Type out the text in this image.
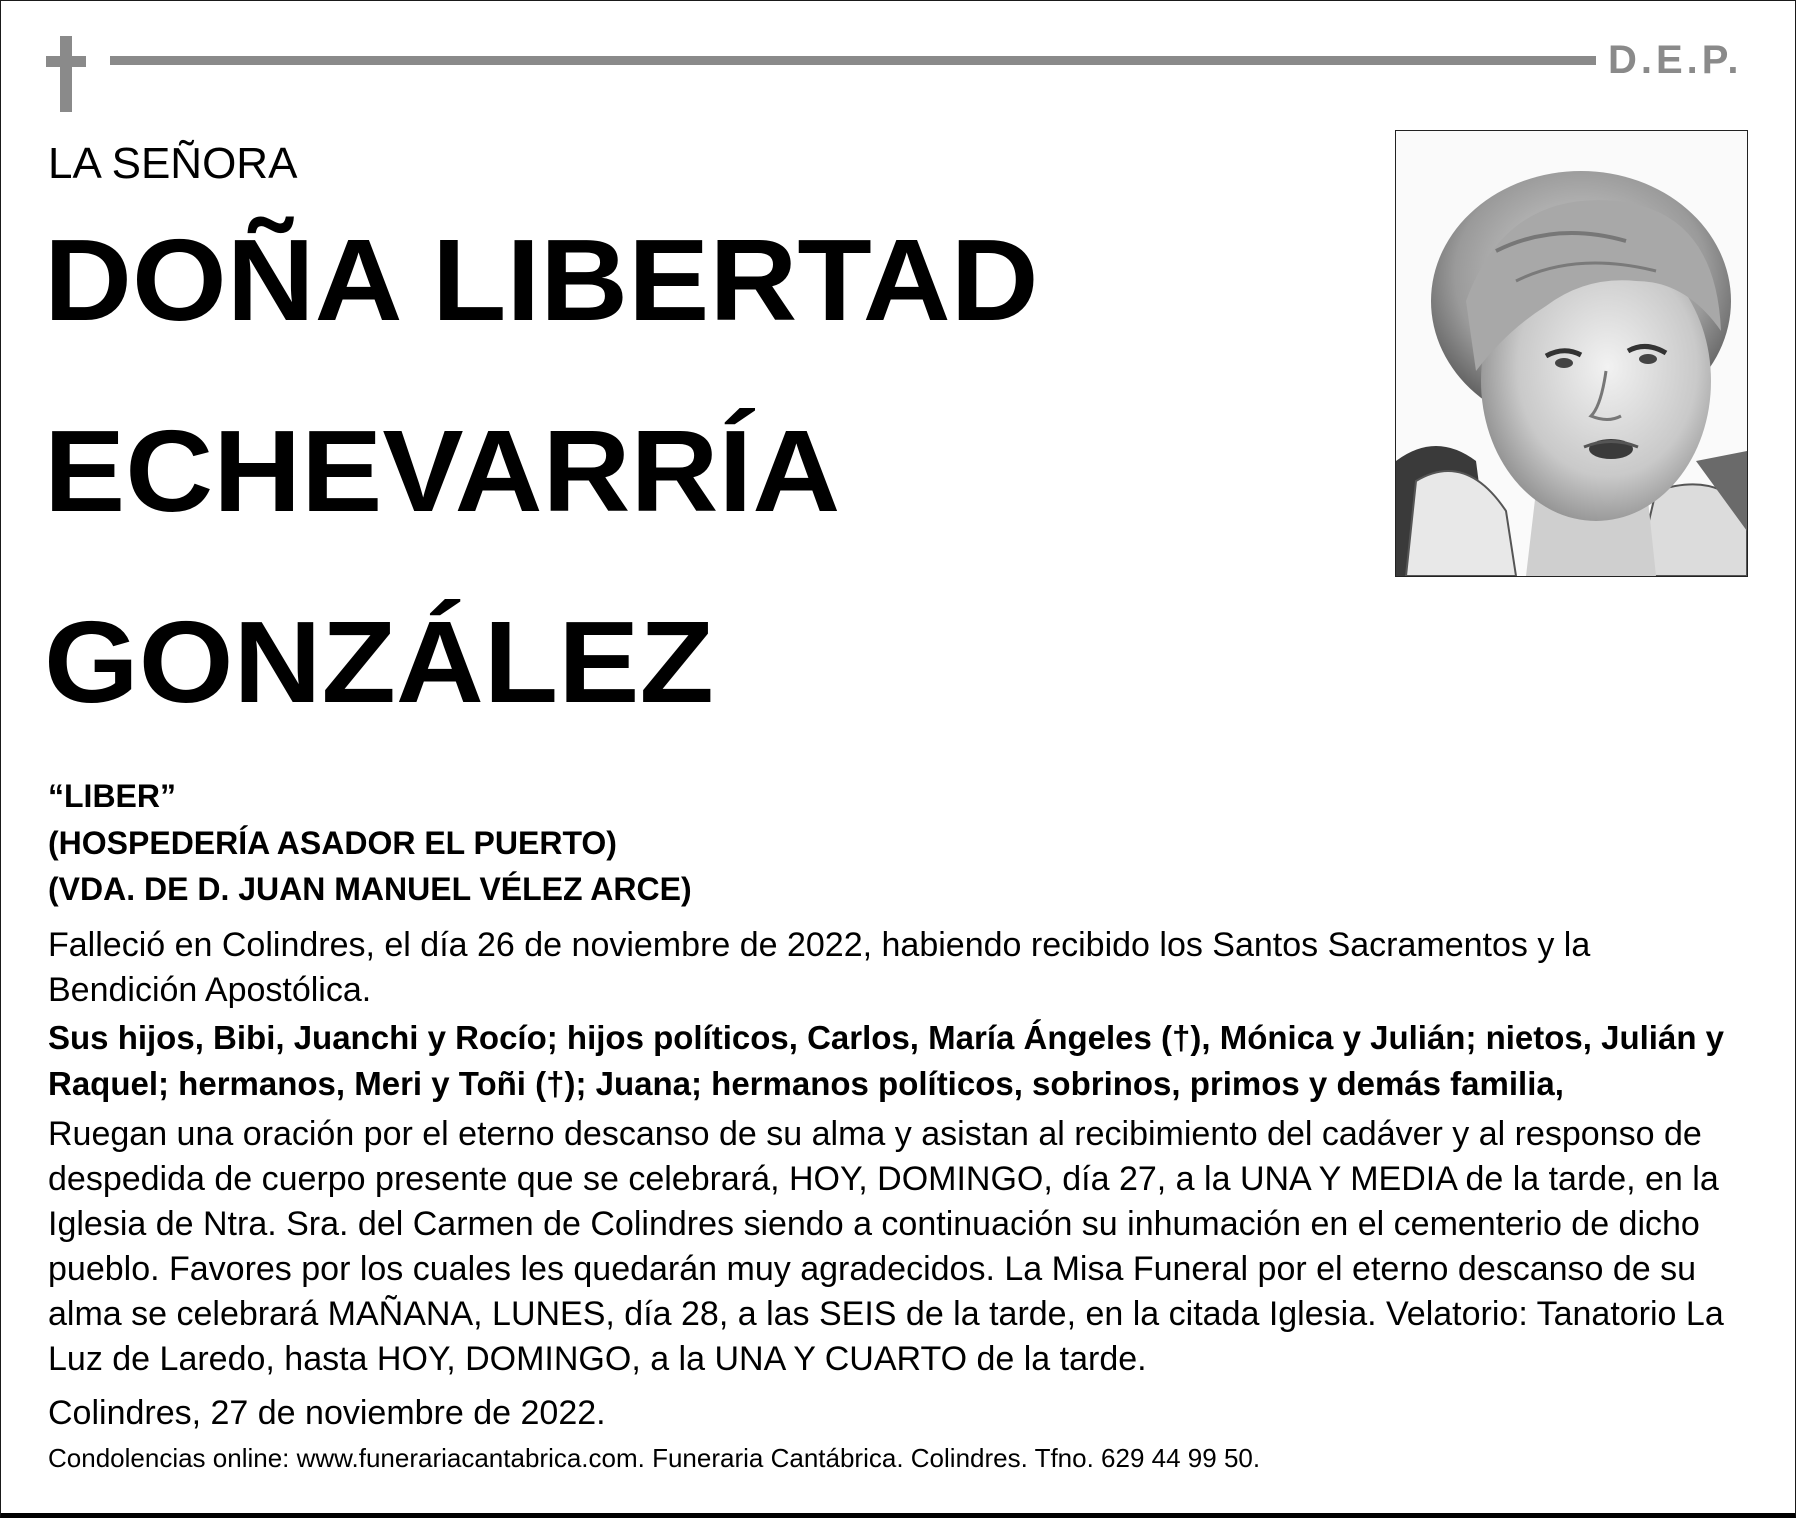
D.E.P.
LA SEÑORA
DOÑA LIBERTAD
ECHEVARRÍA
GONZÁLEZ
“LIBER”
(HOSPEDERÍA ASADOR EL PUERTO)
(VDA. DE D. JUAN MANUEL VÉLEZ ARCE)
Falleció en Colindres, el día 26 de noviembre de 2022, habiendo recibido los Santos Sacramentos y la Bendición Apostólica.
Sus hijos, Bibi, Juanchi y Rocío; hijos políticos, Carlos, María Ángeles (†), Mónica y Julián; nietos, Julián y Raquel; hermanos, Meri y Toñi (†); Juana; hermanos políticos, sobrinos, primos y demás familia,
Ruegan una oración por el eterno descanso de su alma y asistan al recibimiento del cadáver y al responso de despedida de cuerpo presente que se celebrará, HOY, DOMINGO, día 27, a la UNA Y MEDIA de la tarde, en la Iglesia de Ntra. Sra. del Carmen de Colindres siendo a continuación su inhumación en el cementerio de dicho pueblo. Favores por los cuales les quedarán muy agradecidos. La Misa Funeral por el eterno descanso de su alma se celebrará MAÑANA, LUNES, día 28, a las SEIS de la tarde, en la citada Iglesia. Velatorio: Tanatorio La Luz de Laredo, hasta HOY, DOMINGO, a la UNA Y CUARTO de la tarde.
Colindres, 27 de noviembre de 2022.
Condolencias online: www.funerariacantabrica.com. Funeraria Cantábrica. Colindres. Tfno. 629 44 99 50.
